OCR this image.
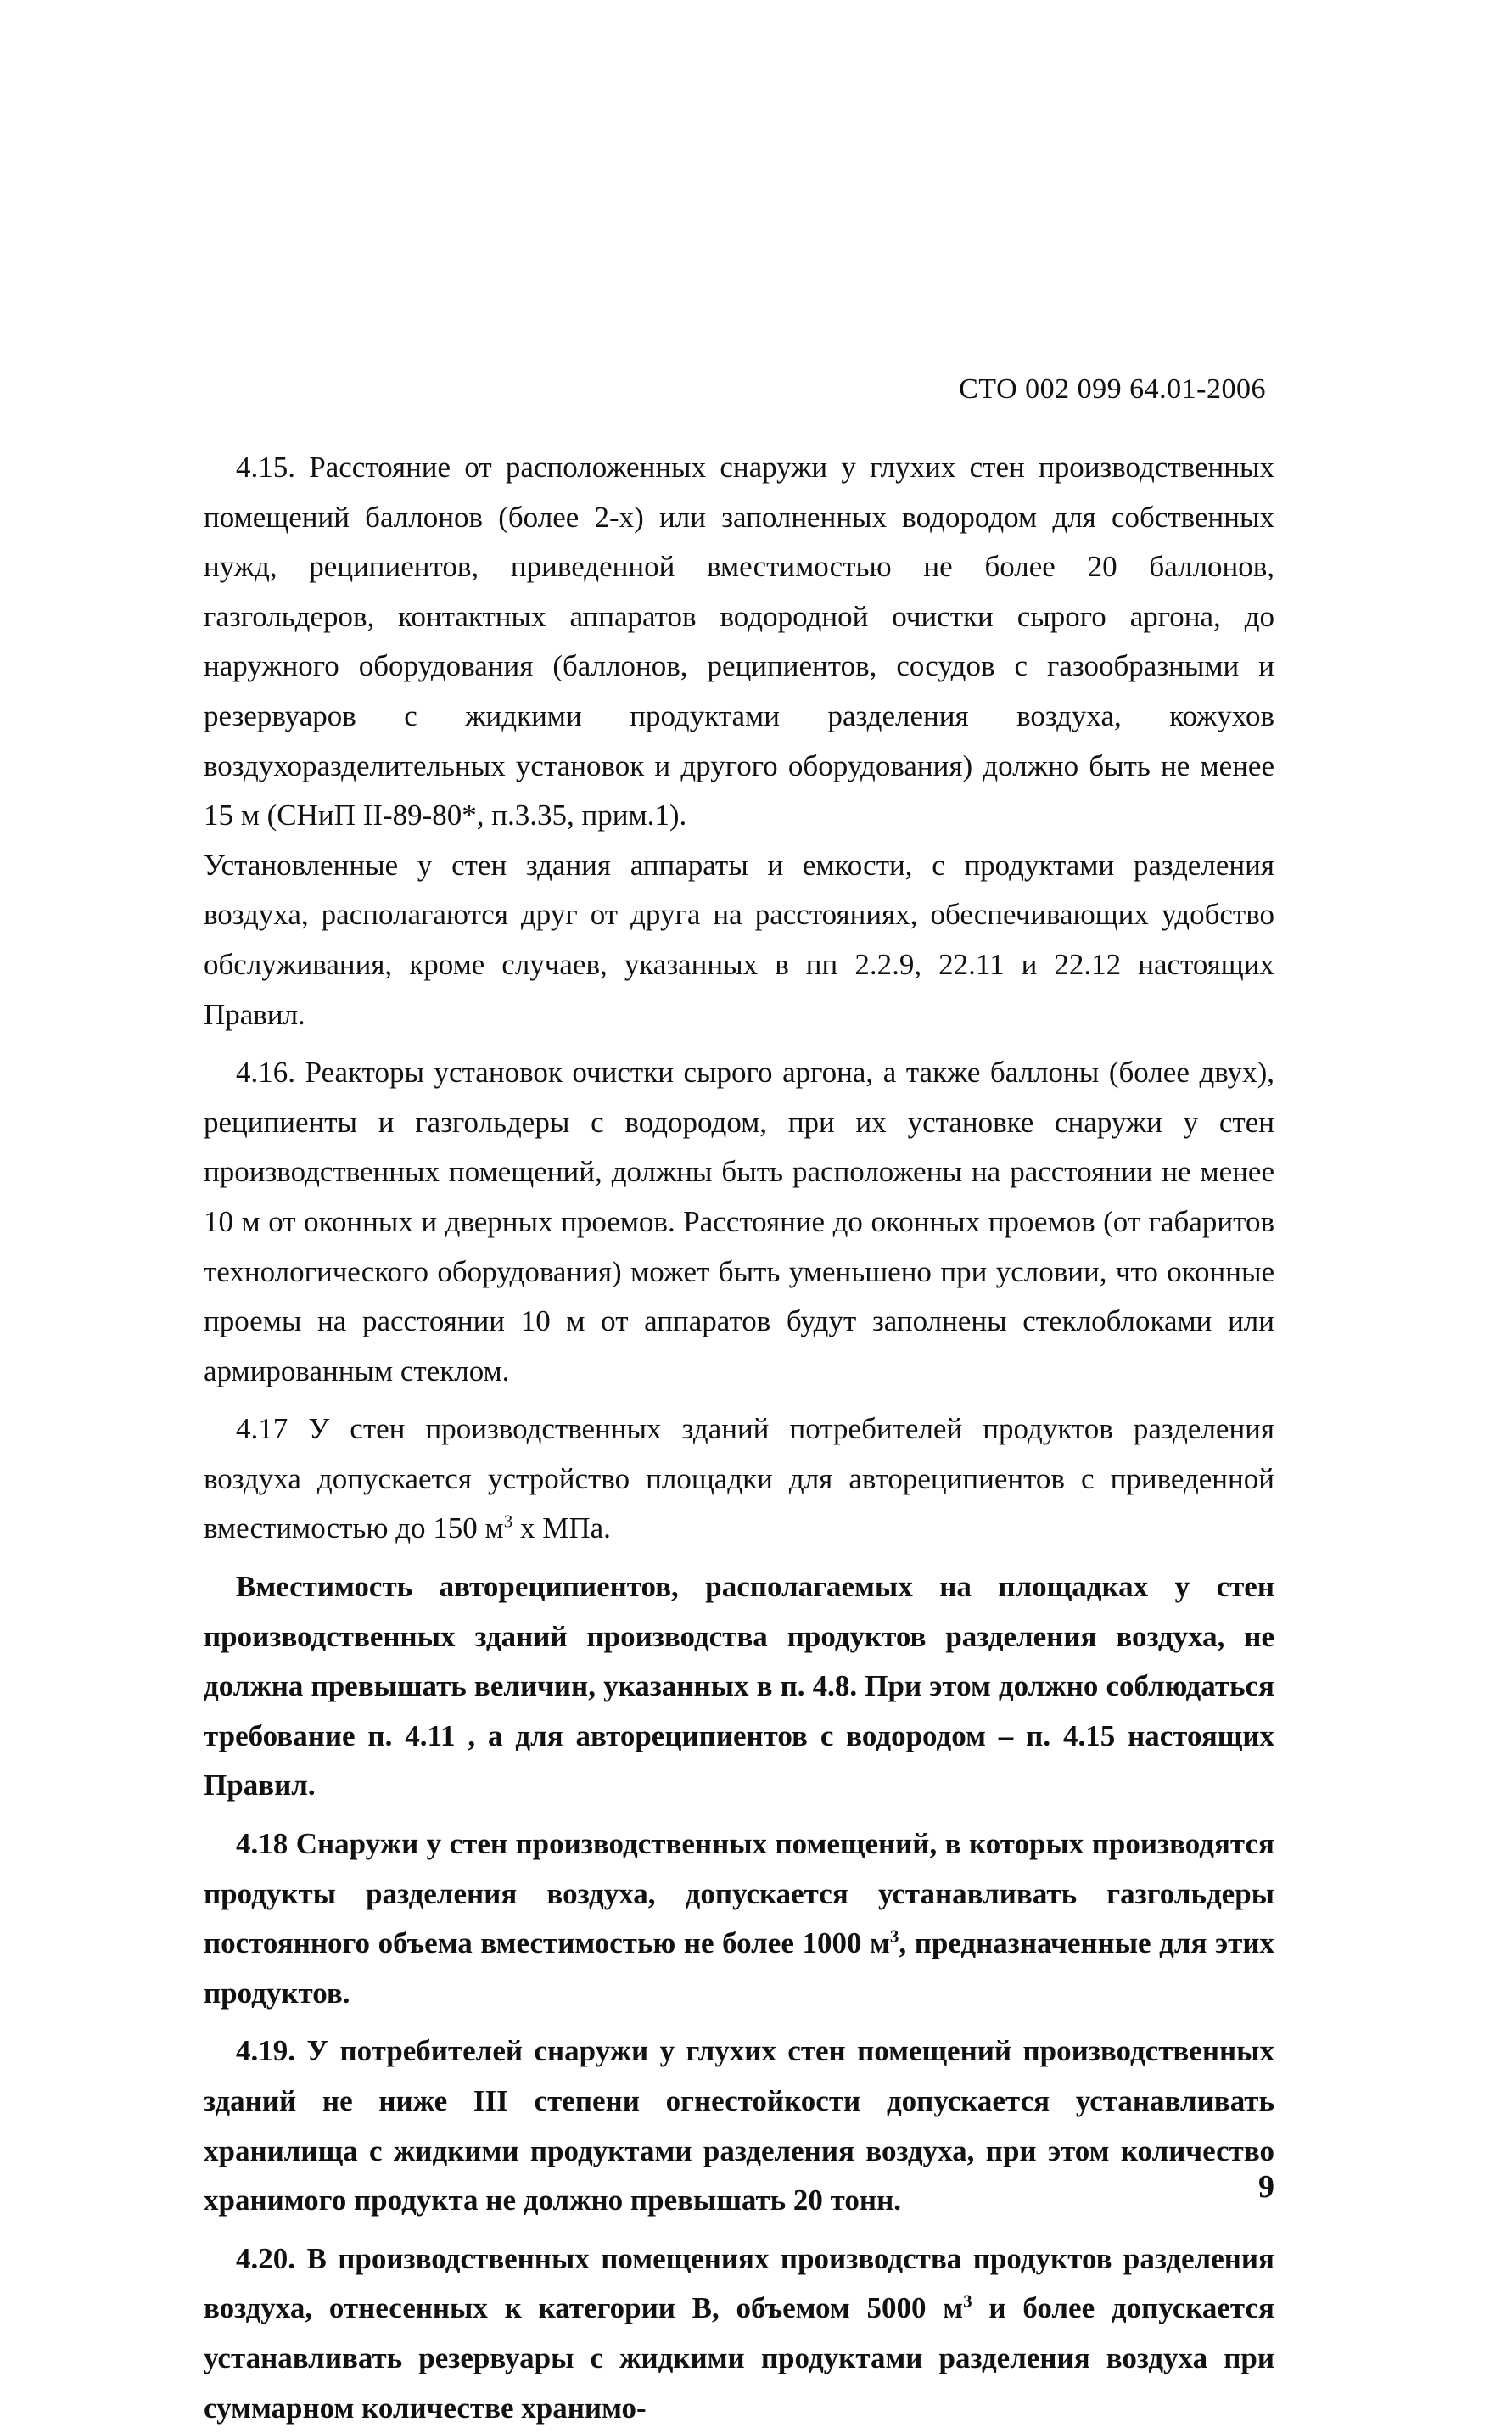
СТО 002 099 64.01-2006

4.15. Расстояние от расположенных снаружи у глухих стен производственных помещений баллонов (более 2-х) или заполненных водородом для собственных нужд, реципиентов, приведенной вместимостью не более 20 баллонов, газгольдеров, контактных аппаратов водородной очистки сырого аргона, до наружного оборудования (баллонов, реципиентов, сосудов с газообразными и резервуаров с жидкими продуктами разделения воздуха, кожухов воздухоразделительных установок и другого оборудования) должно быть не менее 15 м (СНиП II-89-80*, п.3.35, прим.1).

Установленные у стен здания аппараты и емкости, с продуктами разделения воздуха, располагаются друг от друга на расстояниях, обеспечивающих удобство обслуживания, кроме случаев, указанных в пп 2.2.9, 22.11 и 22.12 настоящих Правил.

4.16. Реакторы установок очистки сырого аргона, а также баллоны (более двух), реципиенты и газгольдеры с водородом, при их установке снаружи у стен производственных помещений, должны быть расположены на расстоянии не менее 10 м от оконных и дверных проемов. Расстояние до оконных проемов (от габаритов технологического оборудования) может быть уменьшено при условии, что оконные проемы на расстоянии 10 м от аппаратов будут заполнены стеклоблоками или армированным стеклом.

4.17 У стен производственных зданий потребителей продуктов разделения воздуха допускается устройство площадки для автореципиентов с приведенной вместимостью до 150 $м^3$ х МПа.

Вместимость автореципиентов, располагаемых на площадках у стен производственных зданий производства продуктов разделения воздуха, не должна превышать величин, указанных в п. 4.8. При этом должно соблюдаться требование п. 4.11 , а для автореципиентов с водородом – п. 4.15 настоящих Правил.

4.18 Снаружи у стен производственных помещений, в которых производятся продукты разделения воздуха, допускается устанавливать газгольдеры постоянного объема вместимостью не более 1000 $м^3$, предназначенные для этих продуктов.

4.19. У потребителей снаружи у глухих стен помещений производственных зданий не ниже III степени огнестойкости допускается устанавливать хранилища с жидкими продуктами разделения воздуха, при этом количество хранимого продукта не должно превышать 20 тонн.

4.20. В производственных помещениях производства продуктов разделения воздуха, отнесенных к категории В, объемом 5000 $м^3$ и более допускается устанавливать резервуары с жидкими продуктами разделения воздуха при суммарном количестве хранимо-

9
